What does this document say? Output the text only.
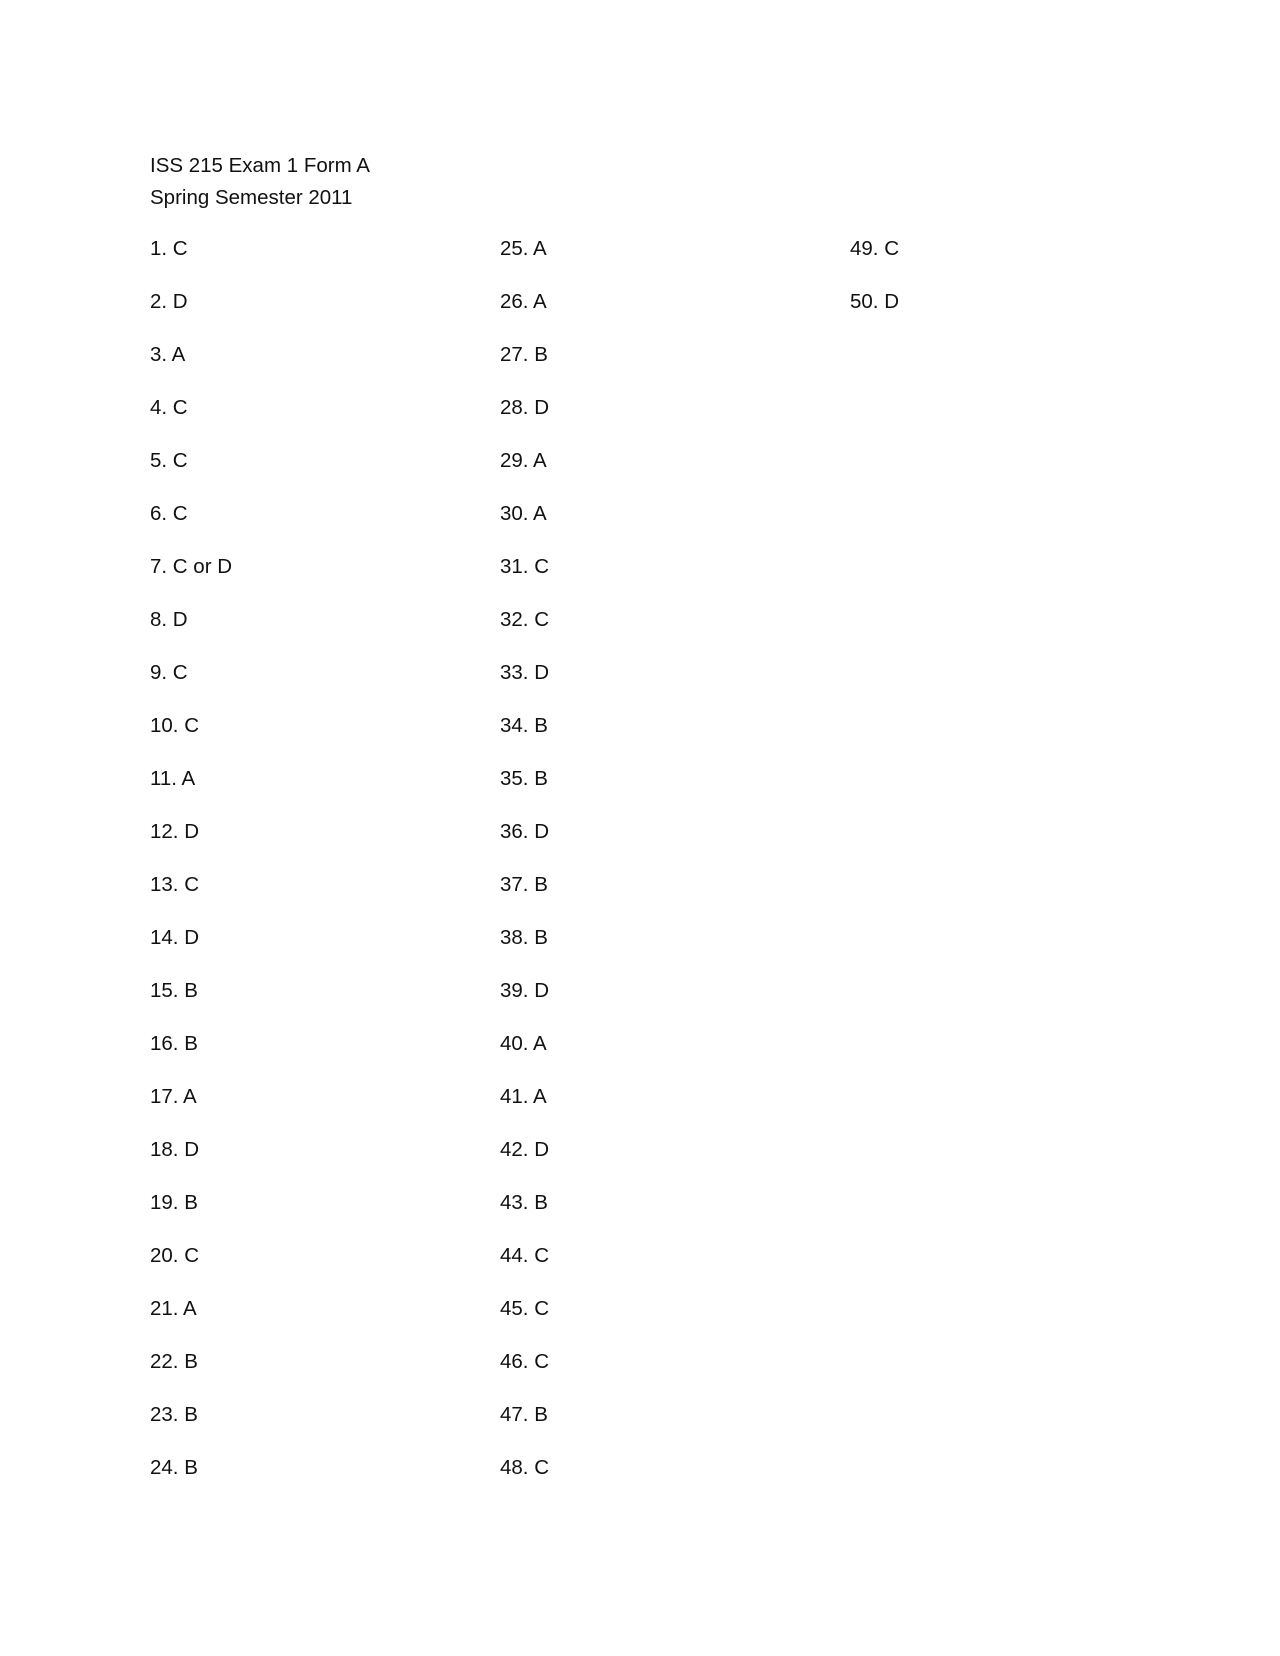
ISS 215 Exam 1 Form A
Spring Semester 2011
1. C
2. D
3. A
4. C
5. C
6. C
7. C or D
8. D
9. C
10. C
11. A
12. D
13. C
14. D
15. B
16. B
17. A
18. D
19. B
20. C
21. A
22. B
23. B
24. B
25. A
26. A
27. B
28. D
29. A
30. A
31. C
32. C
33. D
34. B
35. B
36. D
37. B
38. B
39. D
40. A
41. A
42. D
43. B
44. C
45. C
46. C
47. B
48. C
49. C
50. D
